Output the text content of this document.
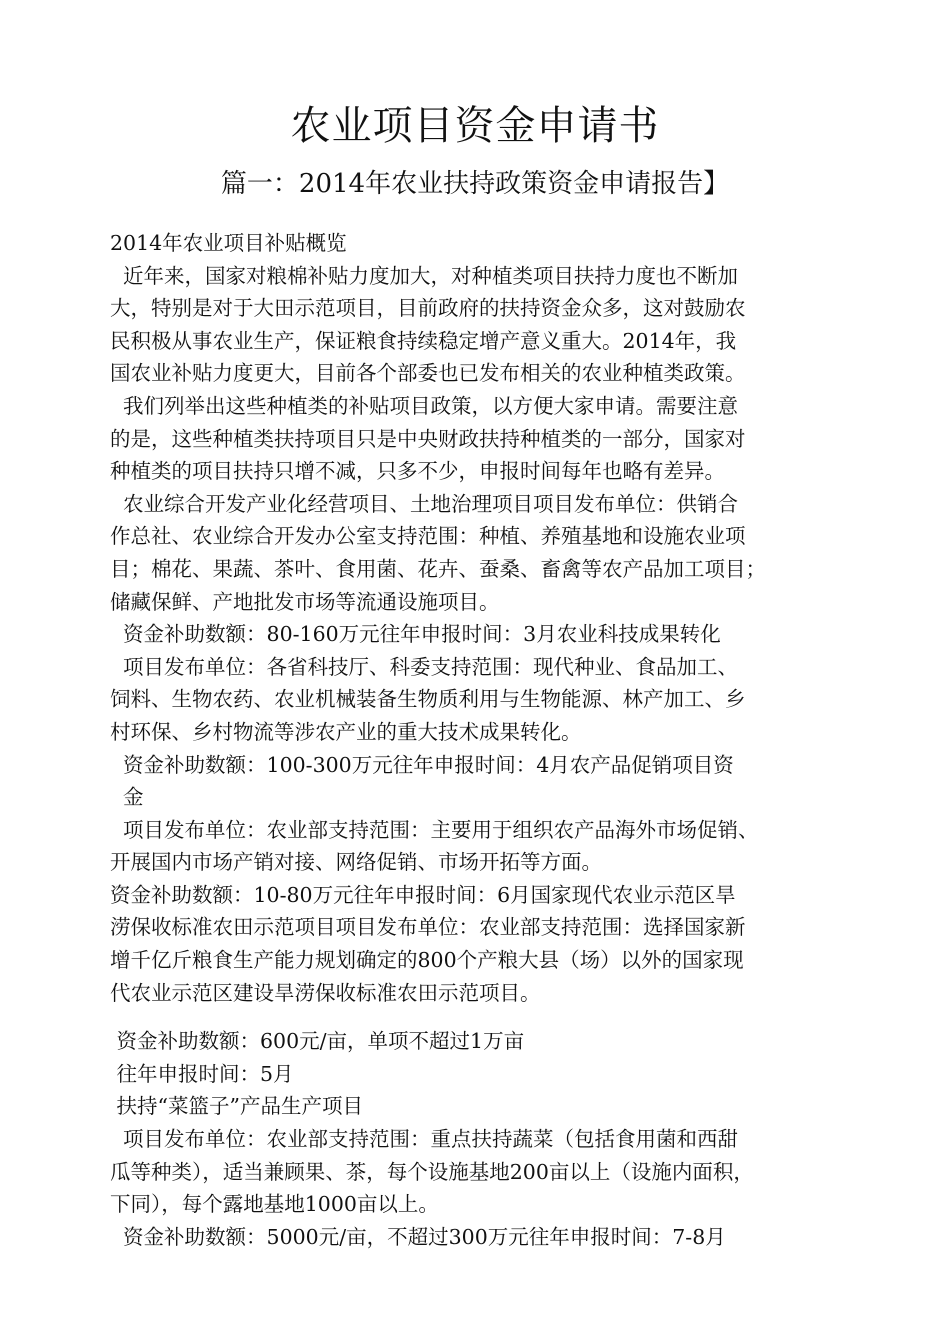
农业项目资金申请书
篇一：2014年农业扶持政策资金申请报告】

2014年农业项目补贴概览

近年来，国家对粮棉补贴力度加大，对种植类项目扶持力度也不断加

大，特别是对于大田示范项目，目前政府的扶持资金众多，这对鼓励农

民积极从事农业生产，保证粮食持续稳定增产意义重大。2014年，我

国农业补贴力度更大，目前各个部委也已发布相关的农业种植类政策。

我们列举出这些种植类的补贴项目政策，以方便大家申请。需要注意

的是，这些种植类扶持项目只是中央财政扶持种植类的一部分，国家对

种植类的项目扶持只增不减，只多不少，申报时间每年也略有差异。

农业综合开发产业化经营项目、土地治理项目项目发布单位：供销合

作总社、农业综合开发办公室支持范围：种植、养殖基地和设施农业项

目；棉花、果蔬、茶叶、食用菌、花卉、蚕桑、畜禽等农产品加工项目；

储藏保鲜、产地批发市场等流通设施项目。

资金补助数额：80-160万元往年申报时间：3月农业科技成果转化

项目发布单位：各省科技厅、科委支持范围：现代种业、食品加工、

饲料、生物农药、农业机械装备生物质利用与生物能源、林产加工、乡

村环保、乡村物流等涉农产业的重大技术成果转化。

资金补助数额：100-300万元往年申报时间：4月农产品促销项目资

金

项目发布单位：农业部支持范围：主要用于组织农产品海外市场促销、

开展国内市场产销对接、网络促销、市场开拓等方面。

资金补助数额：10-80万元往年申报时间：6月国家现代农业示范区旱

涝保收标准农田示范项目项目发布单位：农业部支持范围：选择国家新

增千亿斤粮食生产能力规划确定的800个产粮大县（场）以外的国家现

代农业示范区建设旱涝保收标准农田示范项目。

资金补助数额：600元/亩，单项不超过1万亩

往年申报时间：5月

扶持“菜篮子”产品生产项目

项目发布单位：农业部支持范围：重点扶持蔬菜（包括食用菌和西甜

瓜等种类），适当兼顾果、茶，每个设施基地200亩以上（设施内面积，

下同），每个露地基地1000亩以上。

资金补助数额：5000元/亩，不超过300万元往年申报时间：7-8月
